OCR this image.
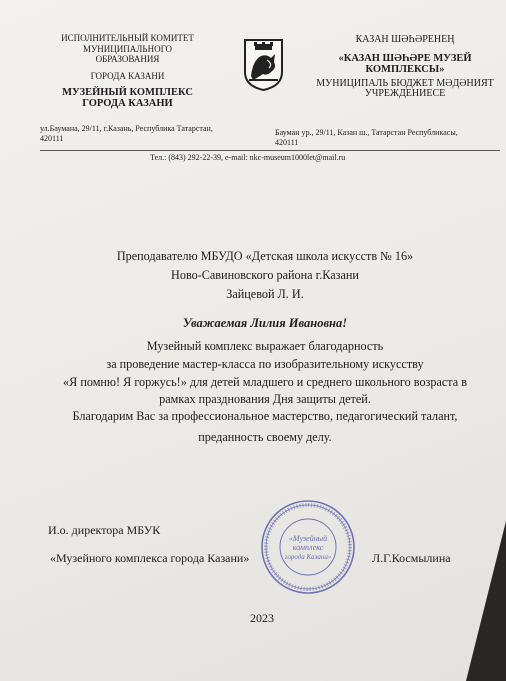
ИСПОЛНИТЕЛЬНЫЙ КОМИТЕТ
МУНИЦИПАЛЬНОГО
ОБРАЗОВАНИЯ
ГОРОДА КАЗАНИ
МУЗЕЙНЫЙ КОМПЛЕКС
ГОРОДА КАЗАНИ
КАЗАН ШӘҺӘРЕНЕҢ
«КАЗАН ШӘҺӘРЕ МУЗЕЙ
КОМПЛЕКСЫ»
МУНИЦИПАЛЬ БЮДЖЕТ МӘДӘНИЯТ
УЧРЕЖДЕНИЕСЕ
ул.Баумана, 29/11, г.Казань, Республика Татарстан,
420111
Бауман ур., 29/11, Казан ш., Татарстан Республикасы,
420111
Тел.: (843) 292-22-39, e-mail: nkc-museum1000let@mail.ru
Преподавателю МБУДО «Детская школа искусств № 16»
Ново-Савиновского района г.Казани
Зайцевой Л. И.
Уважаемая Лилия Ивановна!
Музейный комплекс выражает благодарность
за проведение мастер-класса по изобразительному искусству
«Я помню! Я горжусь!» для детей младшего и среднего школьного возраста в
рамках празднования Дня защиты детей.
Благодарим Вас за профессиональное мастерство, педагогический талант,
преданность своему делу.
«Музейный
комплекс
города Казани»
И.о. директора МБУК
«Музейного комплекса города Казани»	Л.Г.Космылина
2023
